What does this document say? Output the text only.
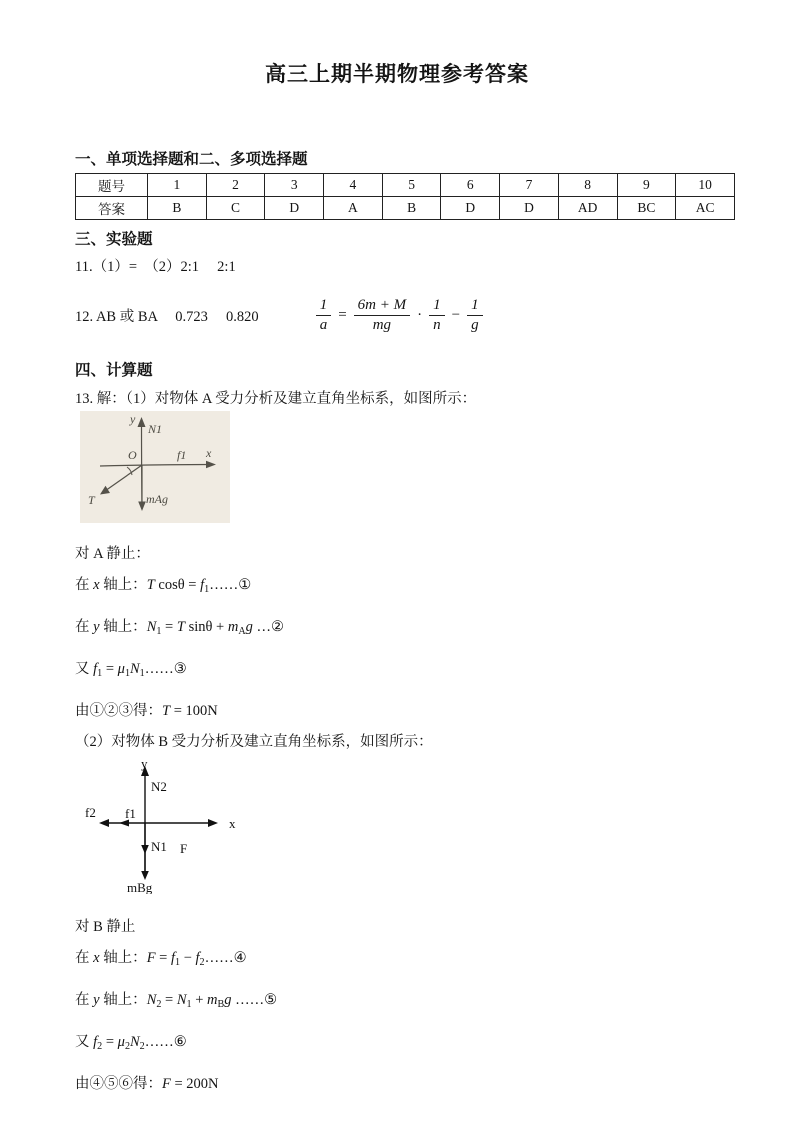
高三上期半期物理参考答案
一、单项选择题和二、多项选择题
题号	1	2	3	4	5	6	7	8	9	10
答案	B	C	D	A	B	D	D	AD	BC	AC
三、实验题
11.（1）=　（2）2:1　 2:1
12. AB 或 BA　 0.723　 0.820	$\frac{1}{a} = \frac{6m + M}{mg} \cdot \frac{1}{n} - \frac{1}{g}$
四、计算题
13. 解：（1）对物体 A 受力分析及建立直角坐标系，如图所示：
y
N1
x
O	f1
T	mAg
对 A 静止：

在 x 轴上：T cosθ = f1……①

在 y 轴上：N1 = T sinθ + mAg …②

又 f1 = μ1N1……③

由①②③得：T = 100N

（2）对物体 B 受力分析及建立直角坐标系，如图所示：
y
N2
f2 f1
x
N1 F
mBg
对 B 静止

在 x 轴上：F = f1 − f2……④

在 y 轴上：N2 = N1 + mBg ……⑤

又 f2 = μ2N2……⑥

由④⑤⑥得：F = 200N
